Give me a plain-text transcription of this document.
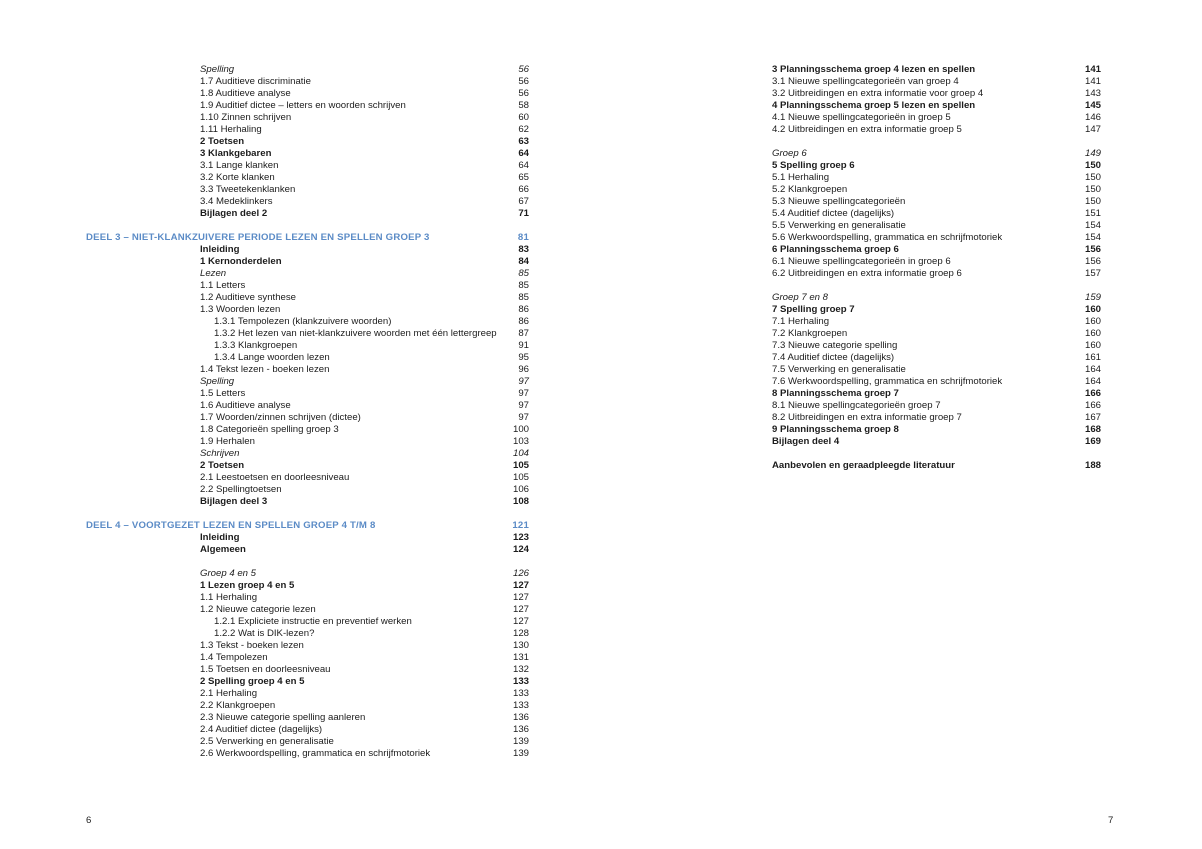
Spelling	56
1.7 Auditieve discriminatie	56
1.8 Auditieve analyse	56
1.9 Auditief dictee – letters en woorden schrijven	58
1.10 Zinnen schrijven	60
1.11 Herhaling	62
2 Toetsen	63
3 Klankgebaren	64
3.1 Lange klanken	64
3.2 Korte klanken	65
3.3 Tweetekenklanken	66
3.4 Medeklinkers	67
Bijlagen deel 2	71
DEEL 3 – NIET-KLANKZUIVERE PERIODE LEZEN EN SPELLEN GROEP 3	81
Inleiding	83
1 Kernonderdelen	84
Lezen	85
1.1 Letters	85
1.2 Auditieve synthese	85
1.3 Woorden lezen	86
1.3.1 Tempolezen (klankzuivere woorden)	86
1.3.2 Het lezen van niet-klankzuivere woorden met één lettergreep	87
1.3.3 Klankgroepen	91
1.3.4 Lange woorden lezen	95
1.4 Tekst lezen - boeken lezen	96
Spelling	97
1.5 Letters	97
1.6 Auditieve analyse	97
1.7 Woorden/zinnen schrijven (dictee)	97
1.8 Categorieën spelling groep 3	100
1.9 Herhalen	103
Schrijven	104
2 Toetsen	105
2.1 Leestoetsen en doorleesniveau	105
2.2 Spellingtoetsen	106
Bijlagen deel 3	108
DEEL 4 – VOORTGEZET LEZEN EN SPELLEN GROEP 4 T/M 8	121
Inleiding	123
Algemeen	124
Groep 4 en 5	126
1 Lezen groep 4 en 5	127
1.1 Herhaling	127
1.2 Nieuwe categorie lezen	127
1.2.1 Expliciete instructie en preventief werken	127
1.2.2 Wat is DIK-lezen?	128
1.3 Tekst - boeken lezen	130
1.4 Tempolezen	131
1.5 Toetsen en doorleesniveau	132
2 Spelling groep 4 en 5	133
2.1 Herhaling	133
2.2 Klankgroepen	133
2.3 Nieuwe categorie spelling aanleren	136
2.4 Auditief dictee (dagelijks)	136
2.5 Verwerking en generalisatie	139
2.6 Werkwoordspelling, grammatica en schrijfmotoriek	139
3 Planningsschema groep 4 lezen en spellen	141
3.1 Nieuwe spellingcategorieën van groep 4	141
3.2 Uitbreidingen en extra informatie voor groep 4	143
4 Planningsschema groep 5 lezen en spellen	145
4.1 Nieuwe spellingcategorieën in groep 5	146
4.2 Uitbreidingen en extra informatie groep 5	147
Groep 6	149
5 Spelling groep 6	150
5.1 Herhaling	150
5.2 Klankgroepen	150
5.3 Nieuwe spellingcategorieën	150
5.4 Auditief dictee (dagelijks)	151
5.5 Verwerking en generalisatie	154
5.6 Werkwoordspelling, grammatica en schrijfmotoriek	154
6 Planningsschema groep 6	156
6.1 Nieuwe spellingcategorieën in groep 6	156
6.2 Uitbreidingen en extra informatie groep 6	157
Groep 7 en 8	159
7 Spelling groep 7	160
7.1 Herhaling	160
7.2 Klankgroepen	160
7.3 Nieuwe categorie spelling	160
7.4 Auditief dictee (dagelijks)	161
7.5 Verwerking en generalisatie	164
7.6 Werkwoordspelling, grammatica en schrijfmotoriek	164
8 Planningsschema groep 7	166
8.1 Nieuwe spellingcategorieën groep 7	166
8.2 Uitbreidingen en extra informatie groep 7	167
9 Planningsschema groep 8	168
Bijlagen deel 4	169
Aanbevolen en geraadpleegde literatuur	188
6	7
